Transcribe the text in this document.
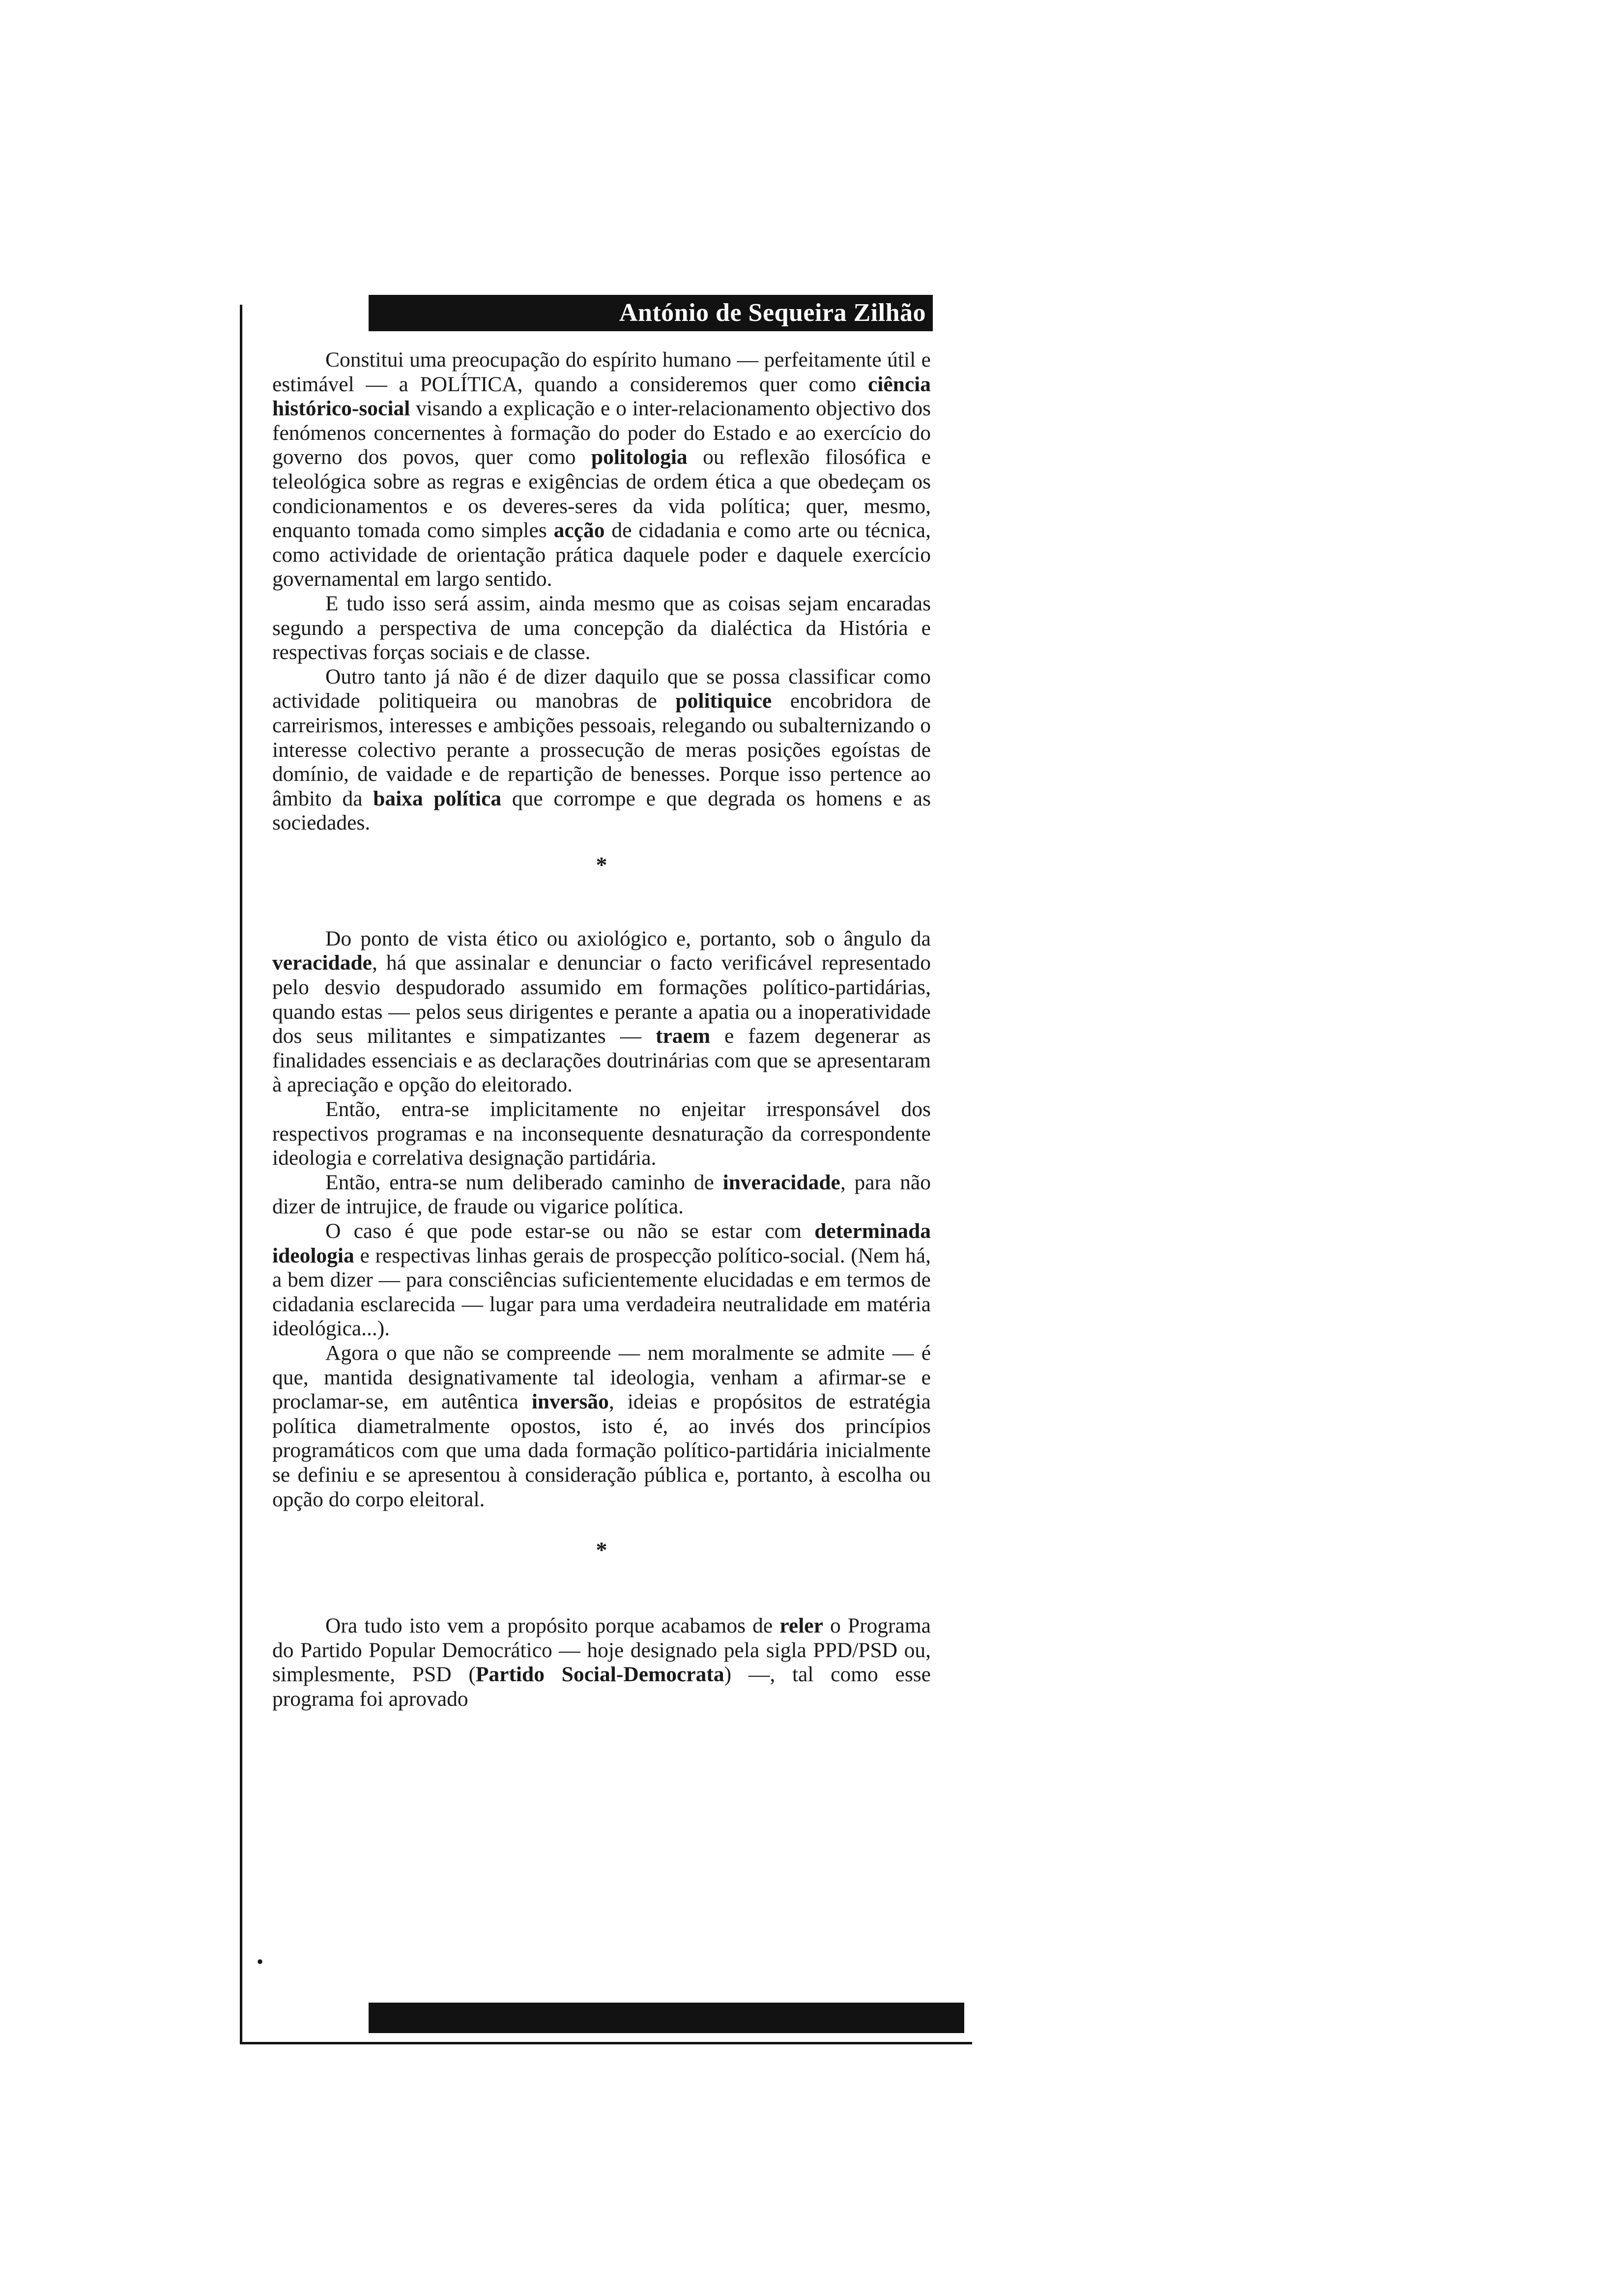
António de Sequeira Zilhão

Constitui uma preocupação do espírito humano — perfeitamente útil e estimável — a POLÍTICA, quando a consideremos quer como ciência histórico-social visando a explicação e o inter-relacionamento objectivo dos fenómenos concernentes à formação do poder do Estado e ao exercício do governo dos povos, quer como politologia ou reflexão filosófica e teleológica sobre as regras e exigências de ordem ética a que obedeçam os condicionamentos e os deveres-seres da vida política; quer, mesmo, enquanto tomada como simples acção de cidadania e como arte ou técnica, como actividade de orientação prática daquele poder e daquele exercício governamental em largo sentido.

E tudo isso será assim, ainda mesmo que as coisas sejam encaradas segundo a perspectiva de uma concepção da dialéctica da História e respectivas forças sociais e de classe.

Outro tanto já não é de dizer daquilo que se possa classificar como actividade politiqueira ou manobras de politiquice encobridora de carreirismos, interesses e ambições pessoais, relegando ou subalternizando o interesse colectivo perante a prossecução de meras posições egoístas de domínio, de vaidade e de repartição de benesses. Porque isso pertence ao âmbito da baixa política que corrompe e que degrada os homens e as sociedades.

*

Do ponto de vista ético ou axiológico e, portanto, sob o ângulo da veracidade, há que assinalar e denunciar o facto verificável representado pelo desvio despudorado assumido em formações político-partidárias, quando estas — pelos seus dirigentes e perante a apatia ou a inoperatividade dos seus militantes e simpatizantes — traem e fazem degenerar as finalidades essenciais e as declarações doutrinárias com que se apresentaram à apreciação e opção do eleitorado.

Então, entra-se implicitamente no enjeitar irresponsável dos respectivos programas e na inconsequente desnaturação da correspondente ideologia e correlativa designação partidária.

Então, entra-se num deliberado caminho de inveracidade, para não dizer de intrujice, de fraude ou vigarice política.

O caso é que pode estar-se ou não se estar com determinada ideologia e respectivas linhas gerais de prospecção político-social. (Nem há, a bem dizer — para consciências suficientemente elucidadas e em termos de cidadania esclarecida — lugar para uma verdadeira neutralidade em matéria ideológica...).

Agora o que não se compreende — nem moralmente se admite — é que, mantida designativamente tal ideologia, venham a afirmar-se e proclamar-se, em autêntica inversão, ideias e propósitos de estratégia política diametralmente opostos, isto é, ao invés dos princípios programáticos com que uma dada formação político-partidária inicialmente se definiu e se apresentou à consideração pública e, portanto, à escolha ou opção do corpo eleitoral.

*

Ora tudo isto vem a propósito porque acabamos de reler o Programa do Partido Popular Democrático — hoje designado pela sigla PPD/PSD ou, simplesmente, PSD (Partido Social-Democrata) —, tal como esse programa foi aprovado

•
